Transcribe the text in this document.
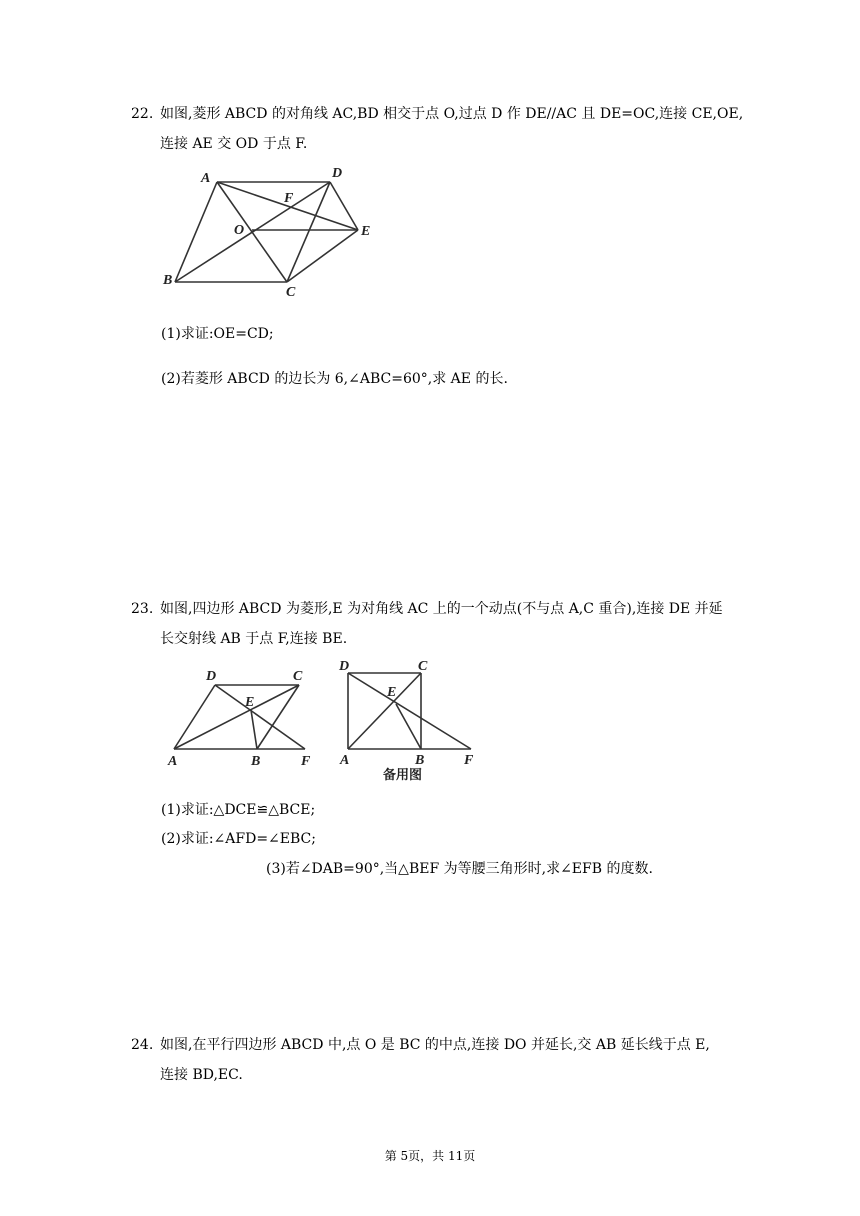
22. 如图,菱形 ABCD 的对角线 AC,BD 相交于点 O,过点 D 作 DE//AC 且 DE=OC,连接 CE,OE,
连接 AE 交 OD 于点 F.
A	D
F
O	E
B
C
(1)求证:OE=CD;
(2)若菱形 ABCD 的边长为 6,∠ABC=60°,求 AE 的长.
23. 如图,四边形 ABCD 为菱形,E 为对角线 AC 上的一个动点(不与点 A,C 重合),连接 DE 并延
长交射线 AB 于点 F,连接 BE.
D	C
E
A	B	F
D	C
E
A	B	F
备用图
(1)求证:△DCE≌△BCE;
(2)求证:∠AFD=∠EBC;
(3)若∠DAB=90°,当△BEF 为等腰三角形时,求∠EFB 的度数.
24. 如图,在平行四边形 ABCD 中,点 O 是 BC 的中点,连接 DO 并延长,交 AB 延长线于点 E,
连接 BD,EC.
第 5页，共 11页
